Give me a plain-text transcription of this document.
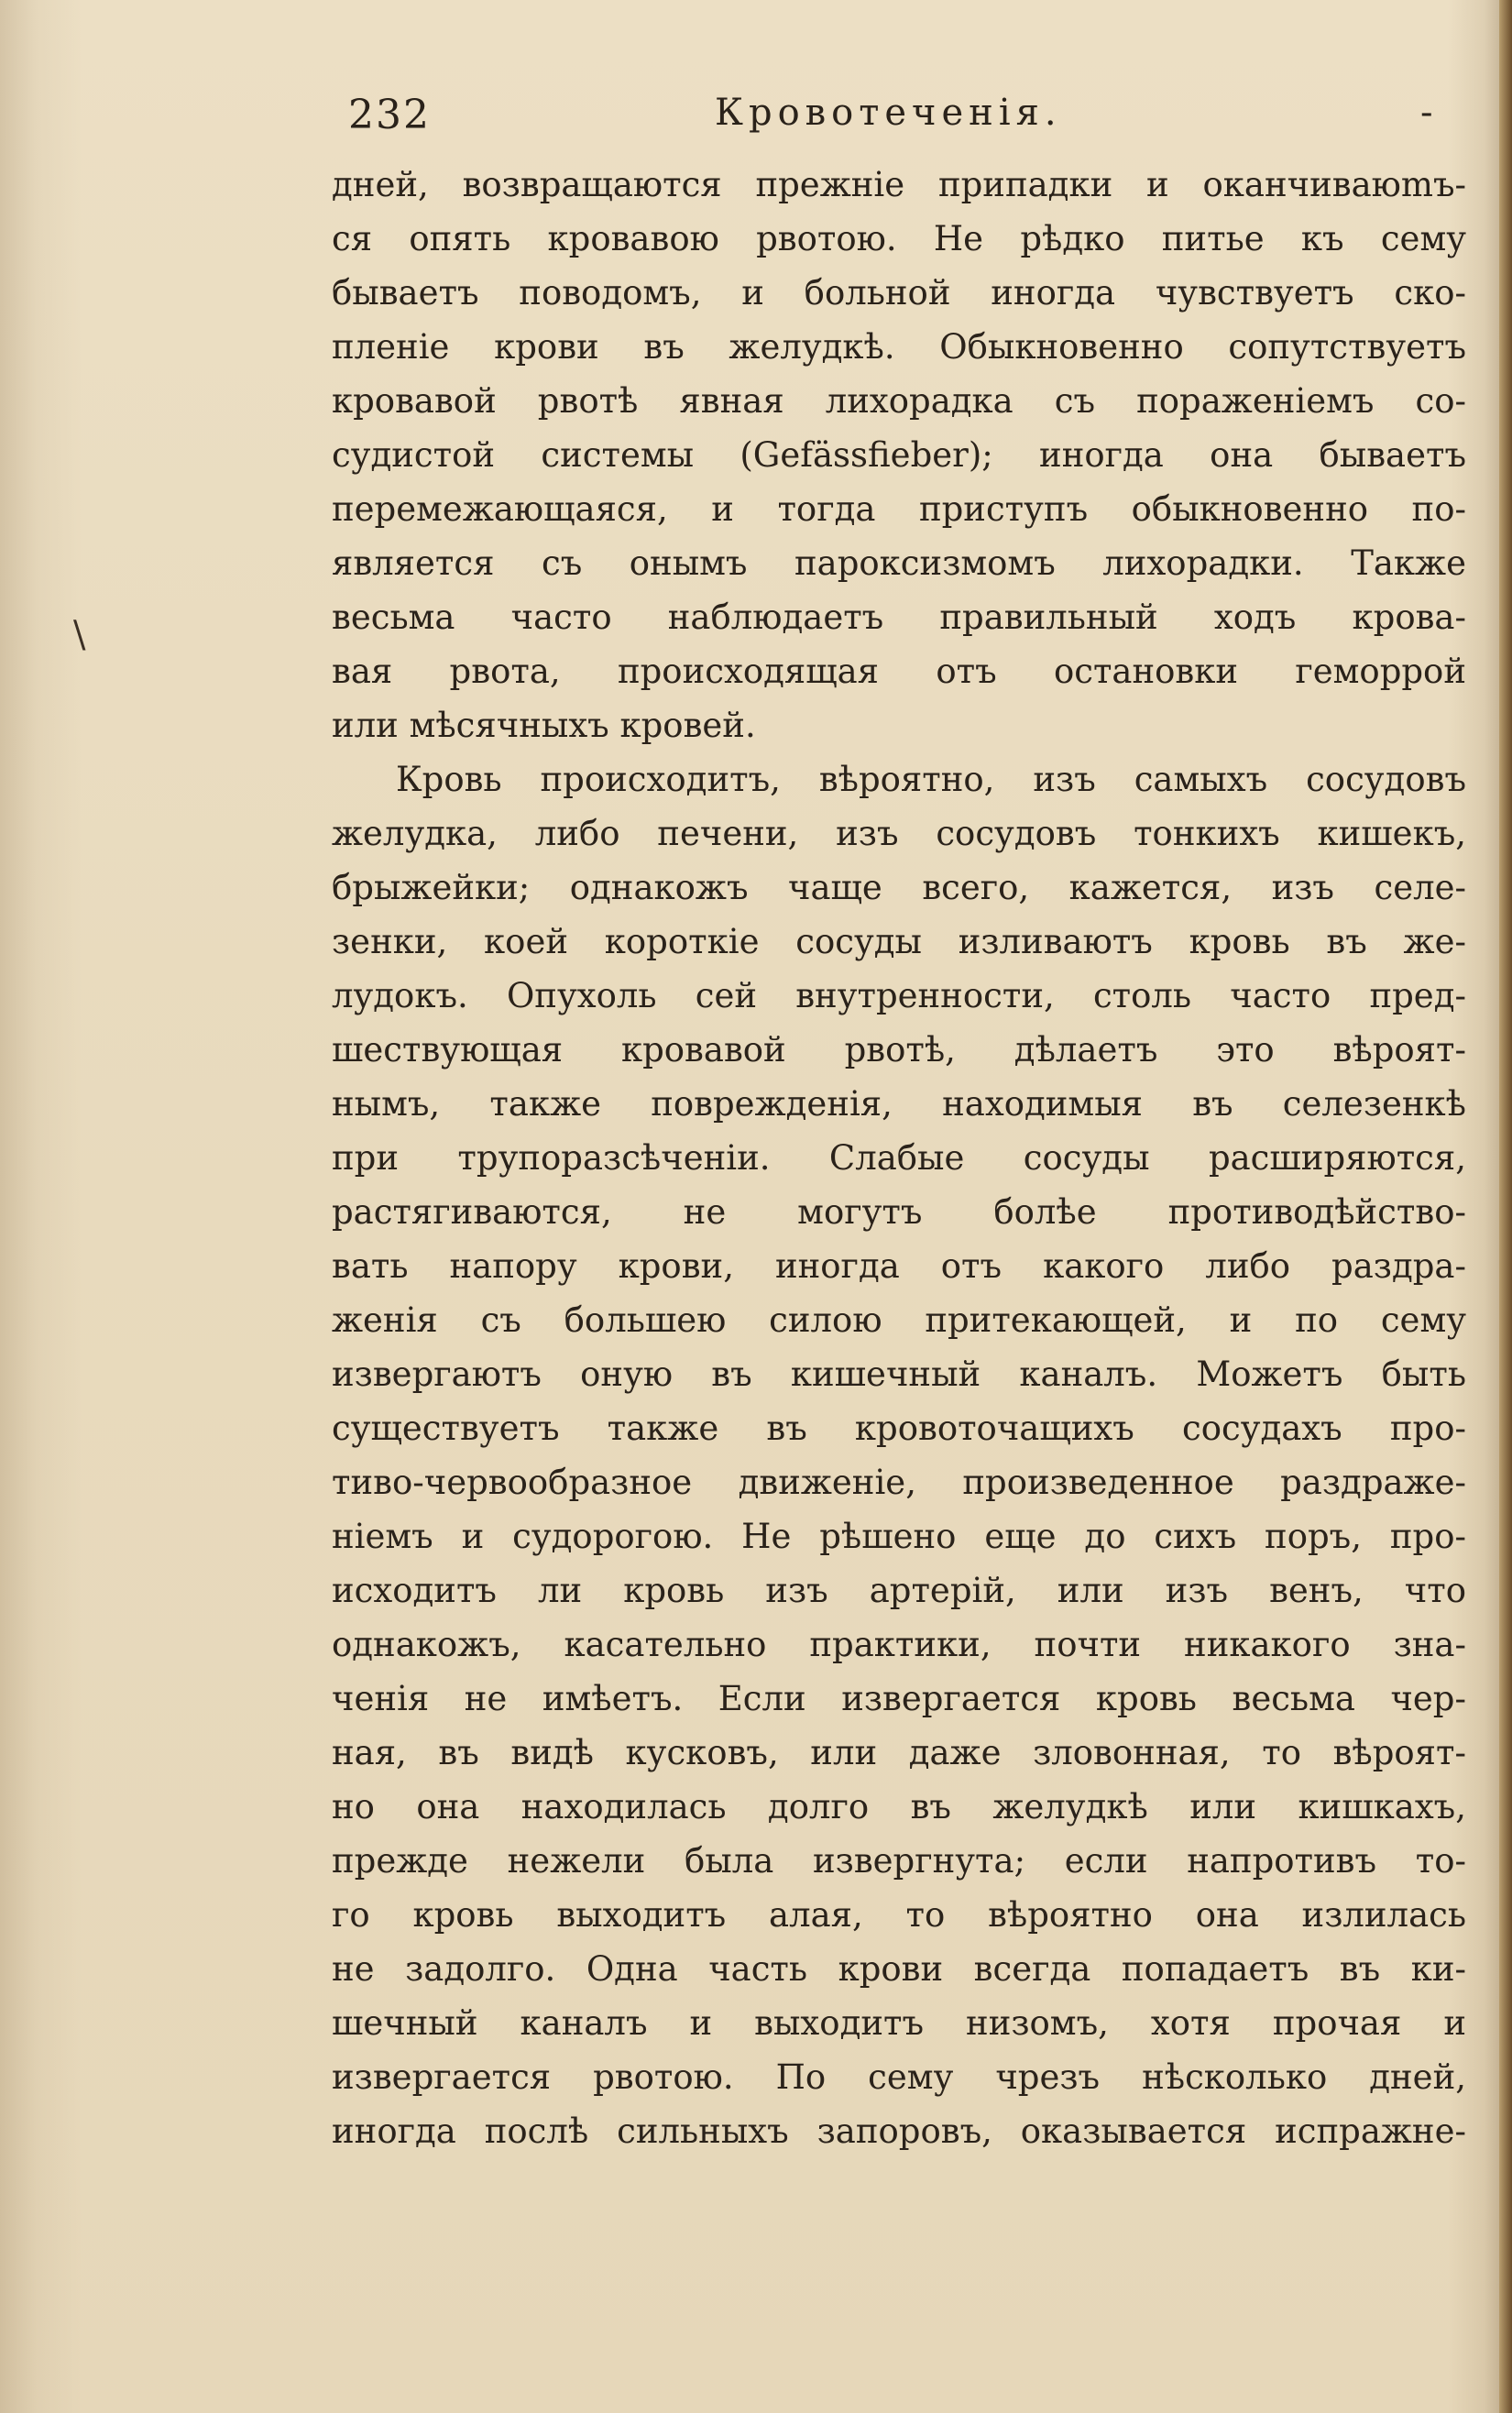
\
232	Кровотеченія.	-
дней, возвращаются прежніе припадки и оканчиваюmъ-
ся опять кровавою рвотою. Не рѣдко питье къ сему
бываетъ поводомъ, и больной иногда чувствуетъ ско-
пленіе крови въ желудкѣ. Обыкновенно сопутствуетъ
кровавой рвотѣ явная лихорадка съ пораженіемъ со-
судистой системы (Gefässfieber); иногда она бываетъ
перемежающаяся, и тогда приступъ обыкновенно по-
является съ онымъ пароксизмомъ лихорадки. Также
весьма часто наблюдаетъ правильный ходъ крова-
вая рвота, происходящая отъ остановки геморрой
или мѣсячныхъ кровей.
Кровь происходитъ, вѣроятно, изъ самыхъ сосудовъ
желудка, либо печени, изъ сосудовъ тонкихъ кишекъ,
брыжейки; однакожъ чаще всего, кажется, изъ селе-
зенки, коей короткіе сосуды изливаютъ кровь въ же-
лудокъ. Опухоль сей внутренности, столь часто пред-
шествующая кровавой рвотѣ, дѣлаетъ это вѣроят-
нымъ, также поврежденія, находимыя въ селезенкѣ
при трупоразсѣченіи. Слабые сосуды расширяются,
растягиваются, не могутъ болѣе противодѣйство-
вать напору крови, иногда отъ какого либо раздра-
женія съ большею силою притекающей, и по сему
извергаютъ оную въ кишечный каналъ. Можетъ быть
существуетъ также въ кровоточащихъ сосудахъ про-
тиво-червообразное движеніе, произведенное раздраже-
ніемъ и судорогою. Не рѣшено еще до сихъ поръ, про-
исходитъ ли кровь изъ артерій, или изъ венъ, что
однакожъ, касательно практики, почти никакого зна-
ченія не имѣетъ. Если извергается кровь весьма чер-
ная, въ видѣ кусковъ, или даже зловонная, то вѣроят-
но она находилась долго въ желудкѣ или кишкахъ,
прежде нежели была извергнута; если напротивъ то-
го кровь выходитъ алая, то вѣроятно она излилась
не задолго. Одна часть крови всегда попадаетъ въ ки-
шечный каналъ и выходитъ низомъ, хотя прочая и
извергается рвотою. По сему чрезъ нѣсколько дней,
иногда послѣ сильныхъ запоровъ, оказывается испражне-
